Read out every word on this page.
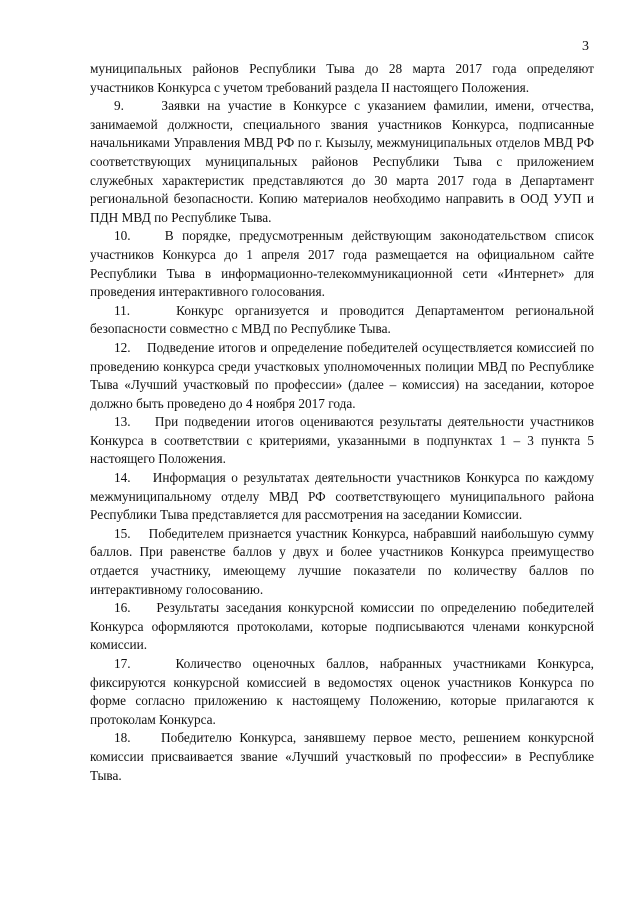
3

муниципальных районов Республики Тыва до 28 марта 2017 года определяют участников Конкурса с учетом требований раздела II настоящего Положения.

9.     Заявки на участие в Конкурсе с указанием фамилии, имени, отчества, занимаемой должности, специального звания участников Конкурса, подписанные начальниками Управления МВД РФ по г. Кызылу, межмуниципальных отделов МВД РФ соответствующих муниципальных районов Республики Тыва с приложением служебных характеристик представляются до 30 марта 2017 года в Департамент региональной безопасности. Копию материалов необходимо направить в ООД УУП и ПДН МВД по Республике Тыва.

10.    В порядке, предусмотренным действующим законодательством список участников Конкурса до 1 апреля 2017 года размещается на официальном сайте Республики Тыва в информационно-телекоммуникационной сети «Интернет» для проведения интерактивного голосования.

11.    Конкурс организуется и проводится Департаментом региональной безопасности совместно с МВД по Республике Тыва.

12.    Подведение итогов и определение победителей осуществляется комиссией по проведению конкурса среди участковых уполномоченных полиции МВД по Республике Тыва «Лучший участковый по профессии» (далее – комиссия) на заседании, которое должно быть проведено до 4 ноября 2017 года.

13.    При подведении итогов оцениваются результаты деятельности участников Конкурса в соответствии с критериями, указанными в подпунктах 1 – 3 пункта 5 настоящего Положения.

14.    Информация о результатах деятельности участников Конкурса по каждому межмуниципальному отделу МВД РФ соответствующего муниципального района Республики Тыва представляется для рассмотрения на заседании Комиссии.

15.    Победителем признается участник Конкурса, набравший наибольшую сумму баллов. При равенстве баллов у двух и более участников Конкурса преимущество отдается участнику, имеющему лучшие показатели по количеству баллов по интерактивному голосованию.

16.    Результаты заседания конкурсной комиссии по определению победителей Конкурса оформляются протоколами, которые подписываются членами конкурсной комиссии.

17.    Количество оценочных баллов, набранных участниками Конкурса, фиксируются конкурсной комиссией в ведомостях оценок участников Конкурса по форме согласно приложению к настоящему Положению, которые прилагаются к протоколам Конкурса.

18.    Победителю Конкурса, занявшему первое место, решением конкурсной комиссии присваивается звание «Лучший участковый по профессии» в Республике Тыва.
